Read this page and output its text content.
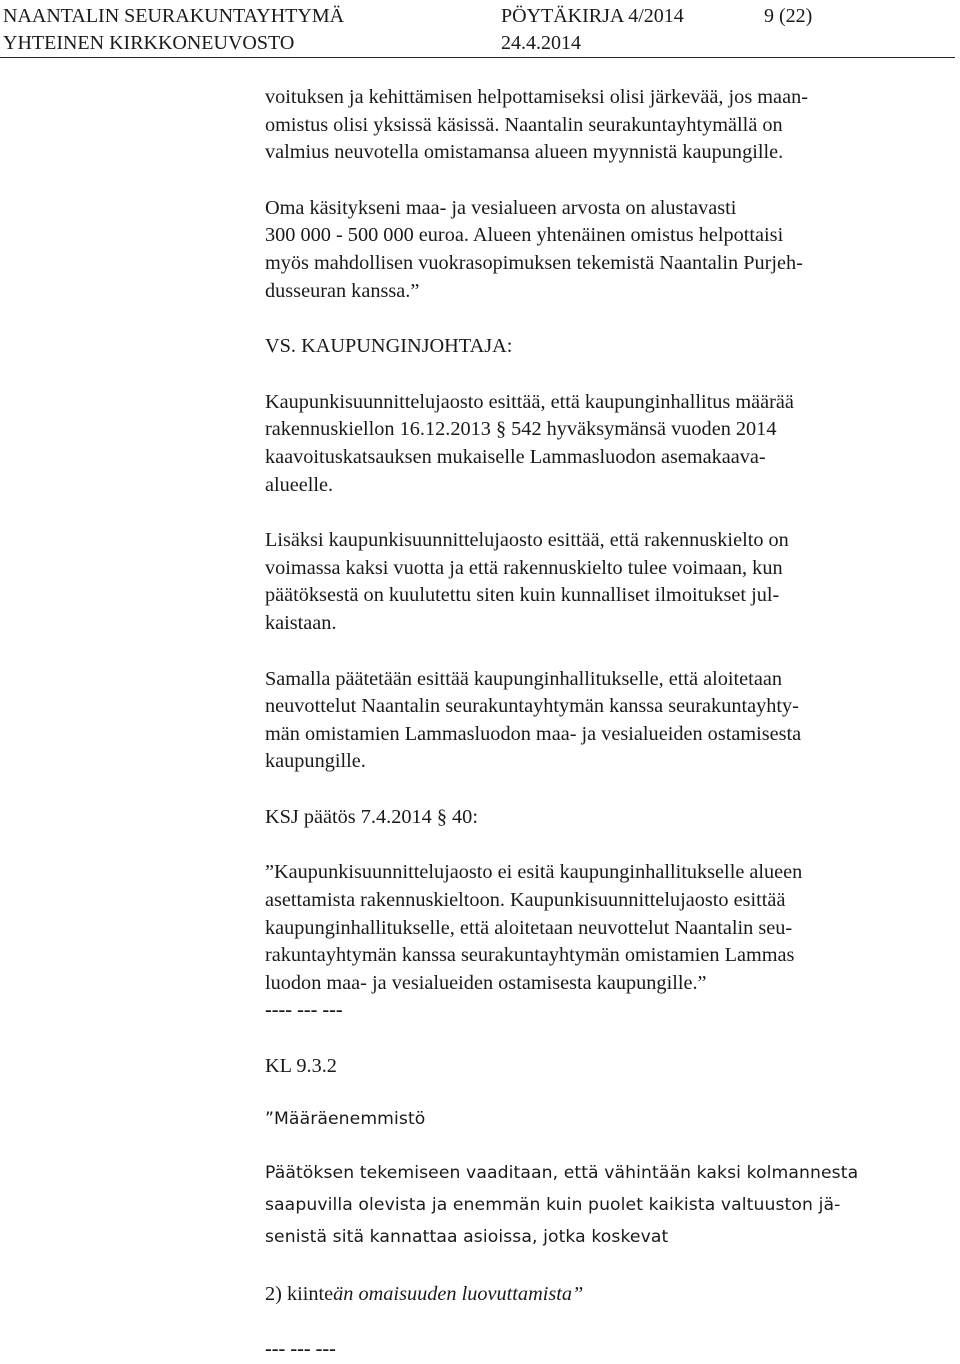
NAANTALIN SEURAKUNTAYHTYMÄ	PÖYTÄKIRJA 4/2014	9 (22)
YHTEINEN KIRKKONEUVOSTO	24.4.2014

voituksen ja kehittämisen helpottamiseksi olisi järkevää, jos maan-

omistus olisi yksissä käsissä. Naantalin seurakuntayhtymällä on

valmius neuvotella omistamansa alueen myynnistä kaupungille.

Oma käsitykseni maa- ja vesialueen arvosta on alustavasti

300 000 - 500 000 euroa. Alueen yhtenäinen omistus helpottaisi

myös mahdollisen vuokrasopimuksen tekemistä Naantalin Purjeh-

dusseuran kanssa.”

VS. KAUPUNGINJOHTAJA:

Kaupunkisuunnittelujaosto esittää, että kaupunginhallitus määrää

rakennuskiellon 16.12.2013 § 542 hyväksymänsä vuoden 2014

kaavoituskatsauksen mukaiselle Lammasluodon asemakaava-

alueelle.

Lisäksi kaupunkisuunnittelujaosto esittää, että rakennuskielto on

voimassa kaksi vuotta ja että rakennuskielto tulee voimaan, kun

päätöksestä on kuulutettu siten kuin kunnalliset ilmoitukset jul-

kaistaan.

Samalla päätetään esittää kaupunginhallitukselle, että aloitetaan

neuvottelut Naantalin seurakuntayhtymän kanssa seurakuntayhty-

män omistamien Lammasluodon maa- ja vesialueiden ostamisesta

kaupungille.

KSJ päätös 7.4.2014 § 40:

”Kaupunkisuunnittelujaosto ei esitä kaupunginhallitukselle alueen

asettamista rakennuskieltoon. Kaupunkisuunnittelujaosto esittää

kaupunginhallitukselle, että aloitetaan neuvottelut Naantalin seu-

rakuntayhtymän kanssa seurakuntayhtymän omistamien Lammas

luodon maa- ja vesialueiden ostamisesta kaupungille.”

---- --- ---

KL 9.3.2

”Määräenemmistö

Päätöksen tekemiseen vaaditaan, että vähintään kaksi kolmannesta

saapuvilla olevista ja enemmän kuin puolet kaikista valtuuston jä-

senistä sitä kannattaa asioissa, jotka koskevat

2) kiinteän omaisuuden luovuttamista”

--- --- ---
